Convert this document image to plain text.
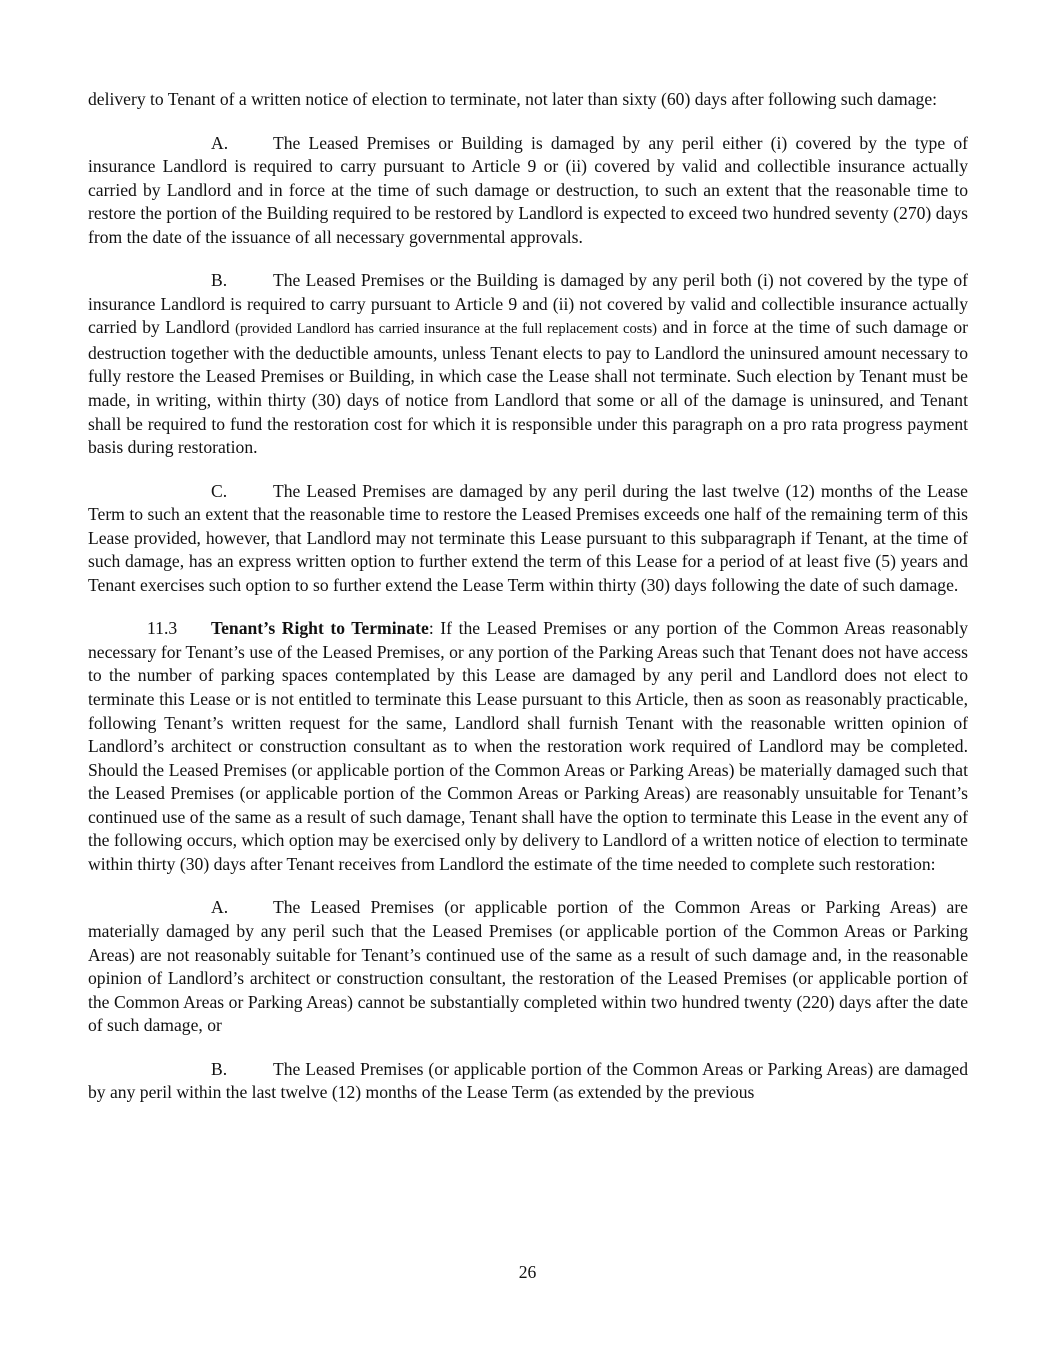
delivery to Tenant of a written notice of election to terminate, not later than sixty (60) days after following such damage:

A.	The Leased Premises or Building is damaged by any peril either (i) covered by the type of insurance Landlord is required to carry pursuant to Article 9 or (ii) covered by valid and collectible insurance actually carried by Landlord and in force at the time of such damage or destruction, to such an extent that the reasonable time to restore the portion of the Building required to be restored by Landlord is expected to exceed two hundred seventy (270) days from the date of the issuance of all necessary governmental approvals.

B.	The Leased Premises or the Building is damaged by any peril both (i) not covered by the type of insurance Landlord is required to carry pursuant to Article 9 and (ii) not covered by valid and collectible insurance actually carried by Landlord (provided Landlord has carried insurance at the full replacement costs) and in force at the time of such damage or destruction together with the deductible amounts, unless Tenant elects to pay to Landlord the uninsured amount necessary to fully restore the Leased Premises or Building, in which case the Lease shall not terminate. Such election by Tenant must be made, in writing, within thirty (30) days of notice from Landlord that some or all of the damage is uninsured, and Tenant shall be required to fund the restoration cost for which it is responsible under this paragraph on a pro rata progress payment basis during restoration.

C.	The Leased Premises are damaged by any peril during the last twelve (12) months of the Lease Term to such an extent that the reasonable time to restore the Leased Premises exceeds one half of the remaining term of this Lease provided, however, that Landlord may not terminate this Lease pursuant to this subparagraph if Tenant, at the time of such damage, has an express written option to further extend the term of this Lease for a period of at least five (5) years and Tenant exercises such option to so further extend the Lease Term within thirty (30) days following the date of such damage.

11.3 Tenant’s Right to Terminate: If the Leased Premises or any portion of the Common Areas reasonably necessary for Tenant’s use of the Leased Premises, or any portion of the Parking Areas such that Tenant does not have access to the number of parking spaces contemplated by this Lease are damaged by any peril and Landlord does not elect to terminate this Lease or is not entitled to terminate this Lease pursuant to this Article, then as soon as reasonably practicable, following Tenant’s written request for the same, Landlord shall furnish Tenant with the reasonable written opinion of Landlord’s architect or construction consultant as to when the restoration work required of Landlord may be completed. Should the Leased Premises (or applicable portion of the Common Areas or Parking Areas) be materially damaged such that the Leased Premises (or applicable portion of the Common Areas or Parking Areas) are reasonably unsuitable for Tenant’s continued use of the same as a result of such damage, Tenant shall have the option to terminate this Lease in the event any of the following occurs, which option may be exercised only by delivery to Landlord of a written notice of election to terminate within thirty (30) days after Tenant receives from Landlord the estimate of the time needed to complete such restoration:

A.	The Leased Premises (or applicable portion of the Common Areas or Parking Areas) are materially damaged by any peril such that the Leased Premises (or applicable portion of the Common Areas or Parking Areas) are not reasonably suitable for Tenant’s continued use of the same as a result of such damage and, in the reasonable opinion of Landlord’s architect or construction consultant, the restoration of the Leased Premises (or applicable portion of the Common Areas or Parking Areas) cannot be substantially completed within two hundred twenty (220) days after the date of such damage, or

B.	The Leased Premises (or applicable portion of the Common Areas or Parking Areas) are damaged by any peril within the last twelve (12) months of the Lease Term (as extended by the previous

26
